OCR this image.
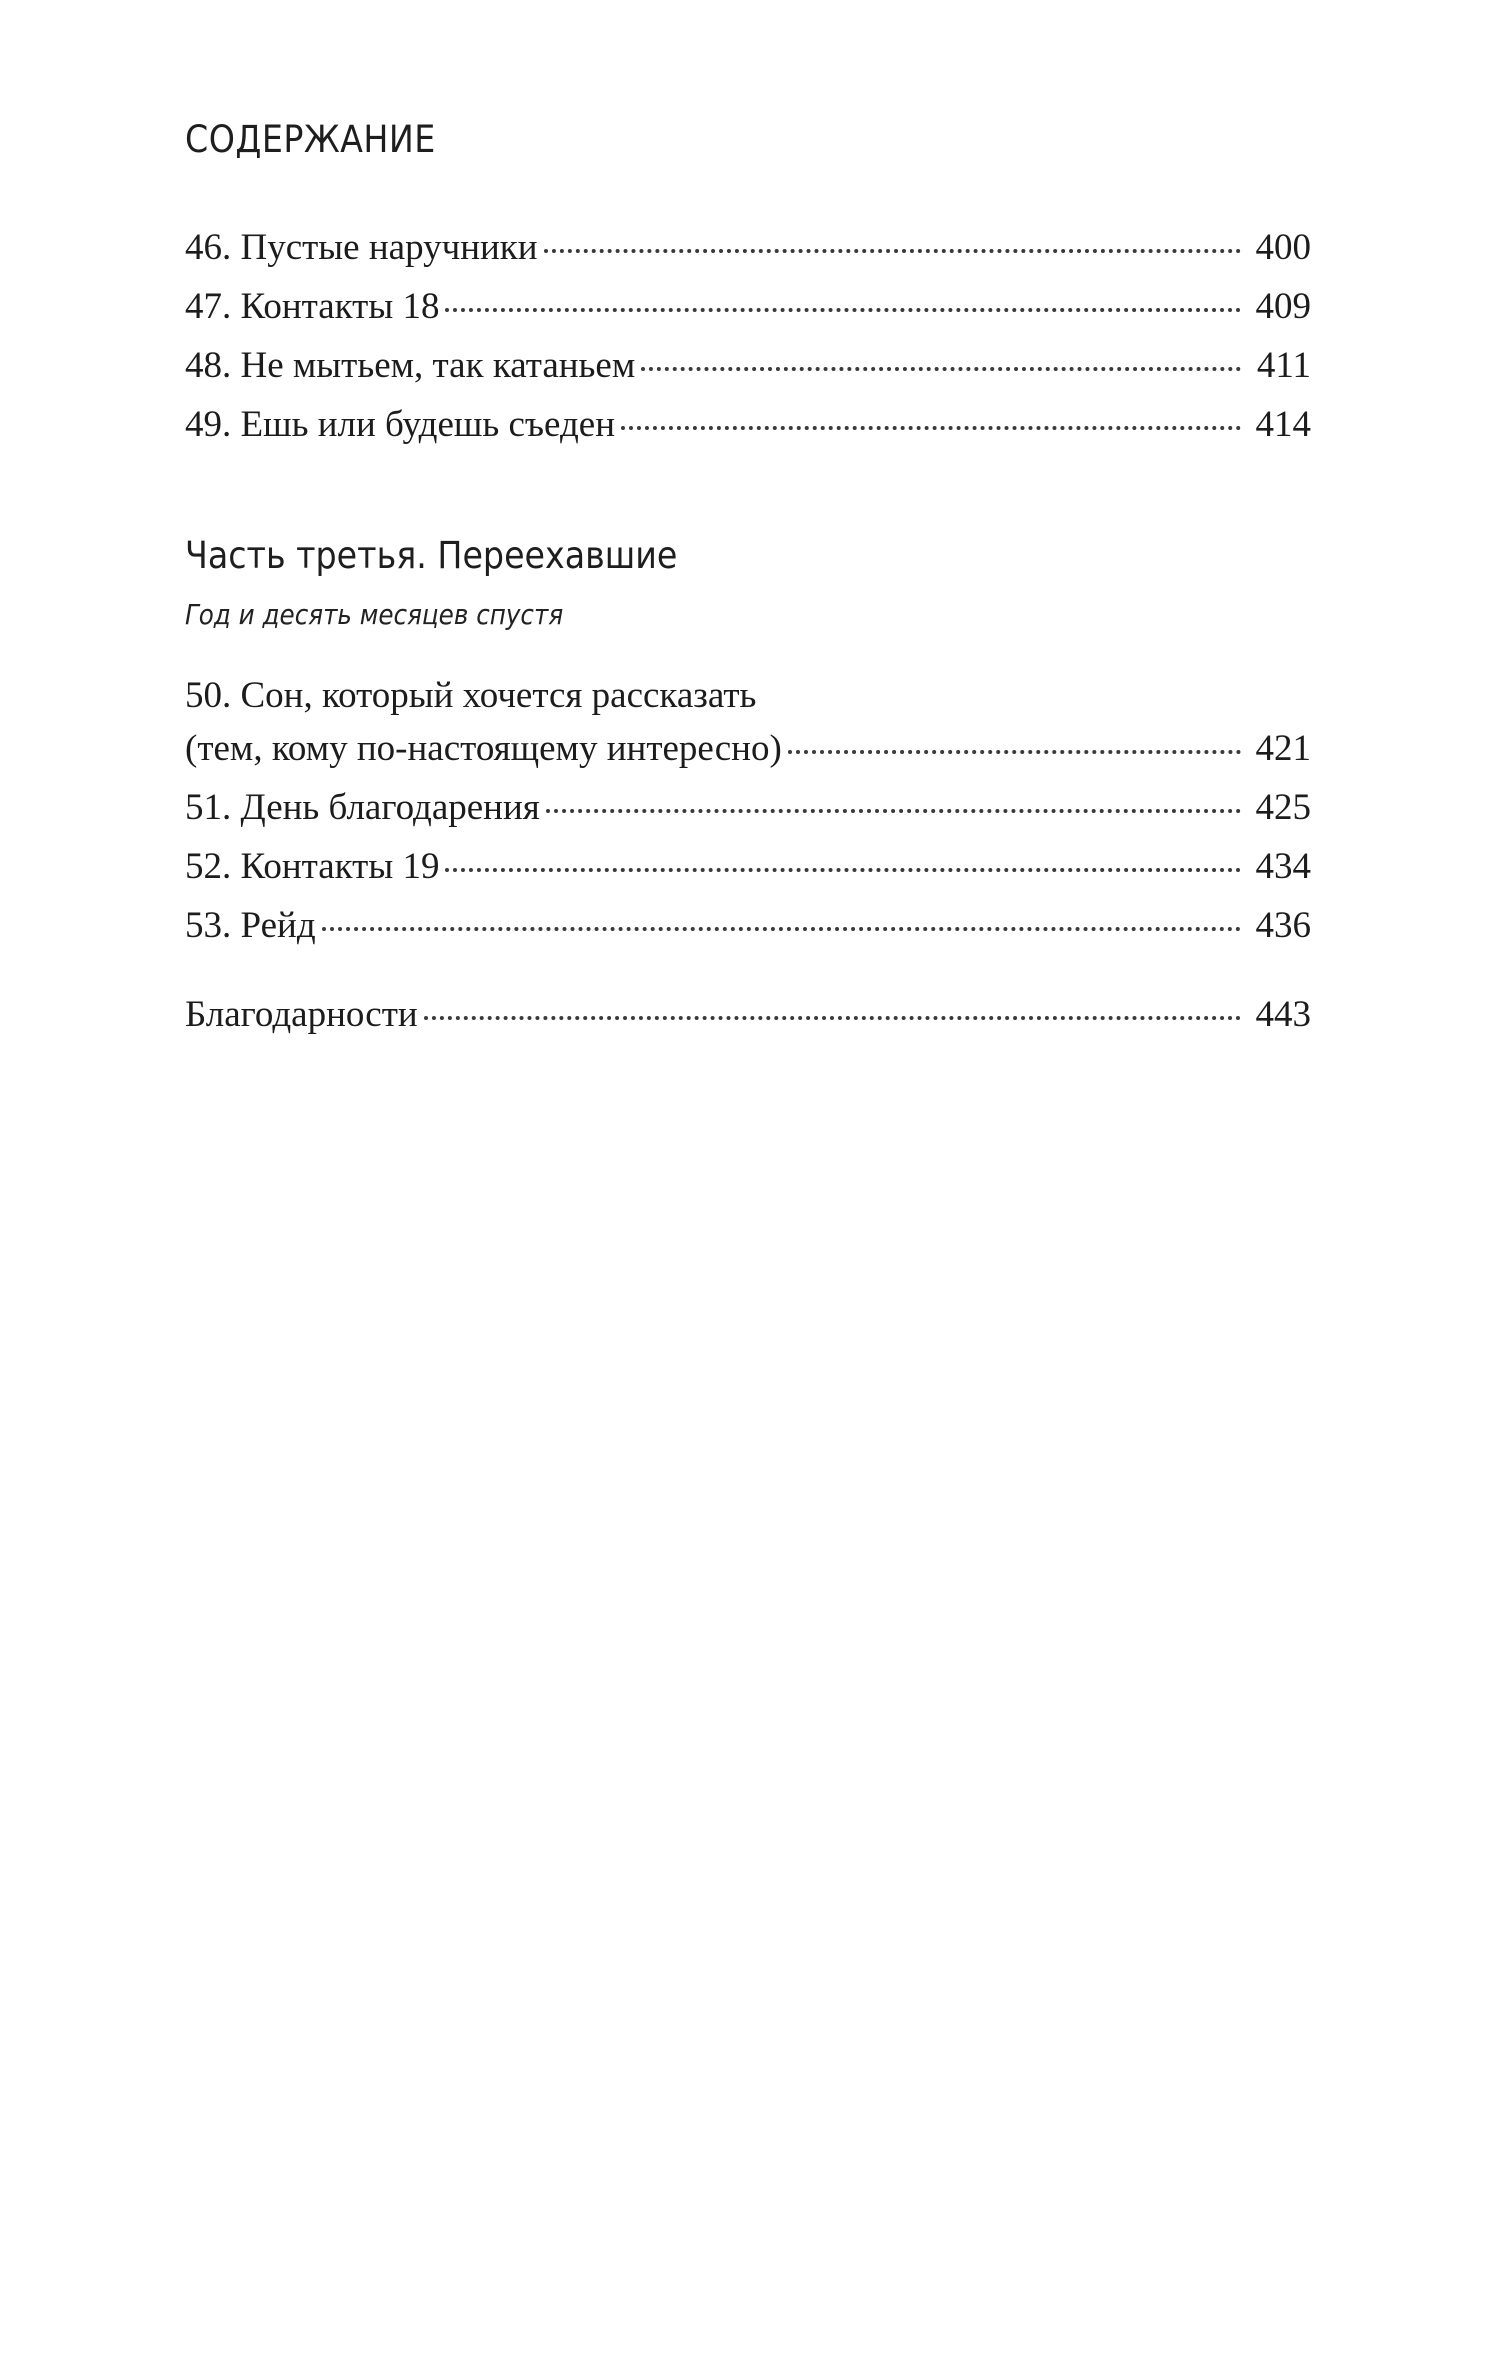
СОДЕРЖАНИЕ
46. Пустые наручники	400
47. Контакты 18	409
48. Не мытьем, так катаньем	411
49. Ешь или будешь съеден	414
Часть третья. Переехавшие
Год и десять месяцев спустя
50. Сон, который хочется рассказать
(тем, кому по-настоящему интересно)	421
51. День благодарения	425
52. Контакты 19	434
53. Рейд	436
Благодарности	443
